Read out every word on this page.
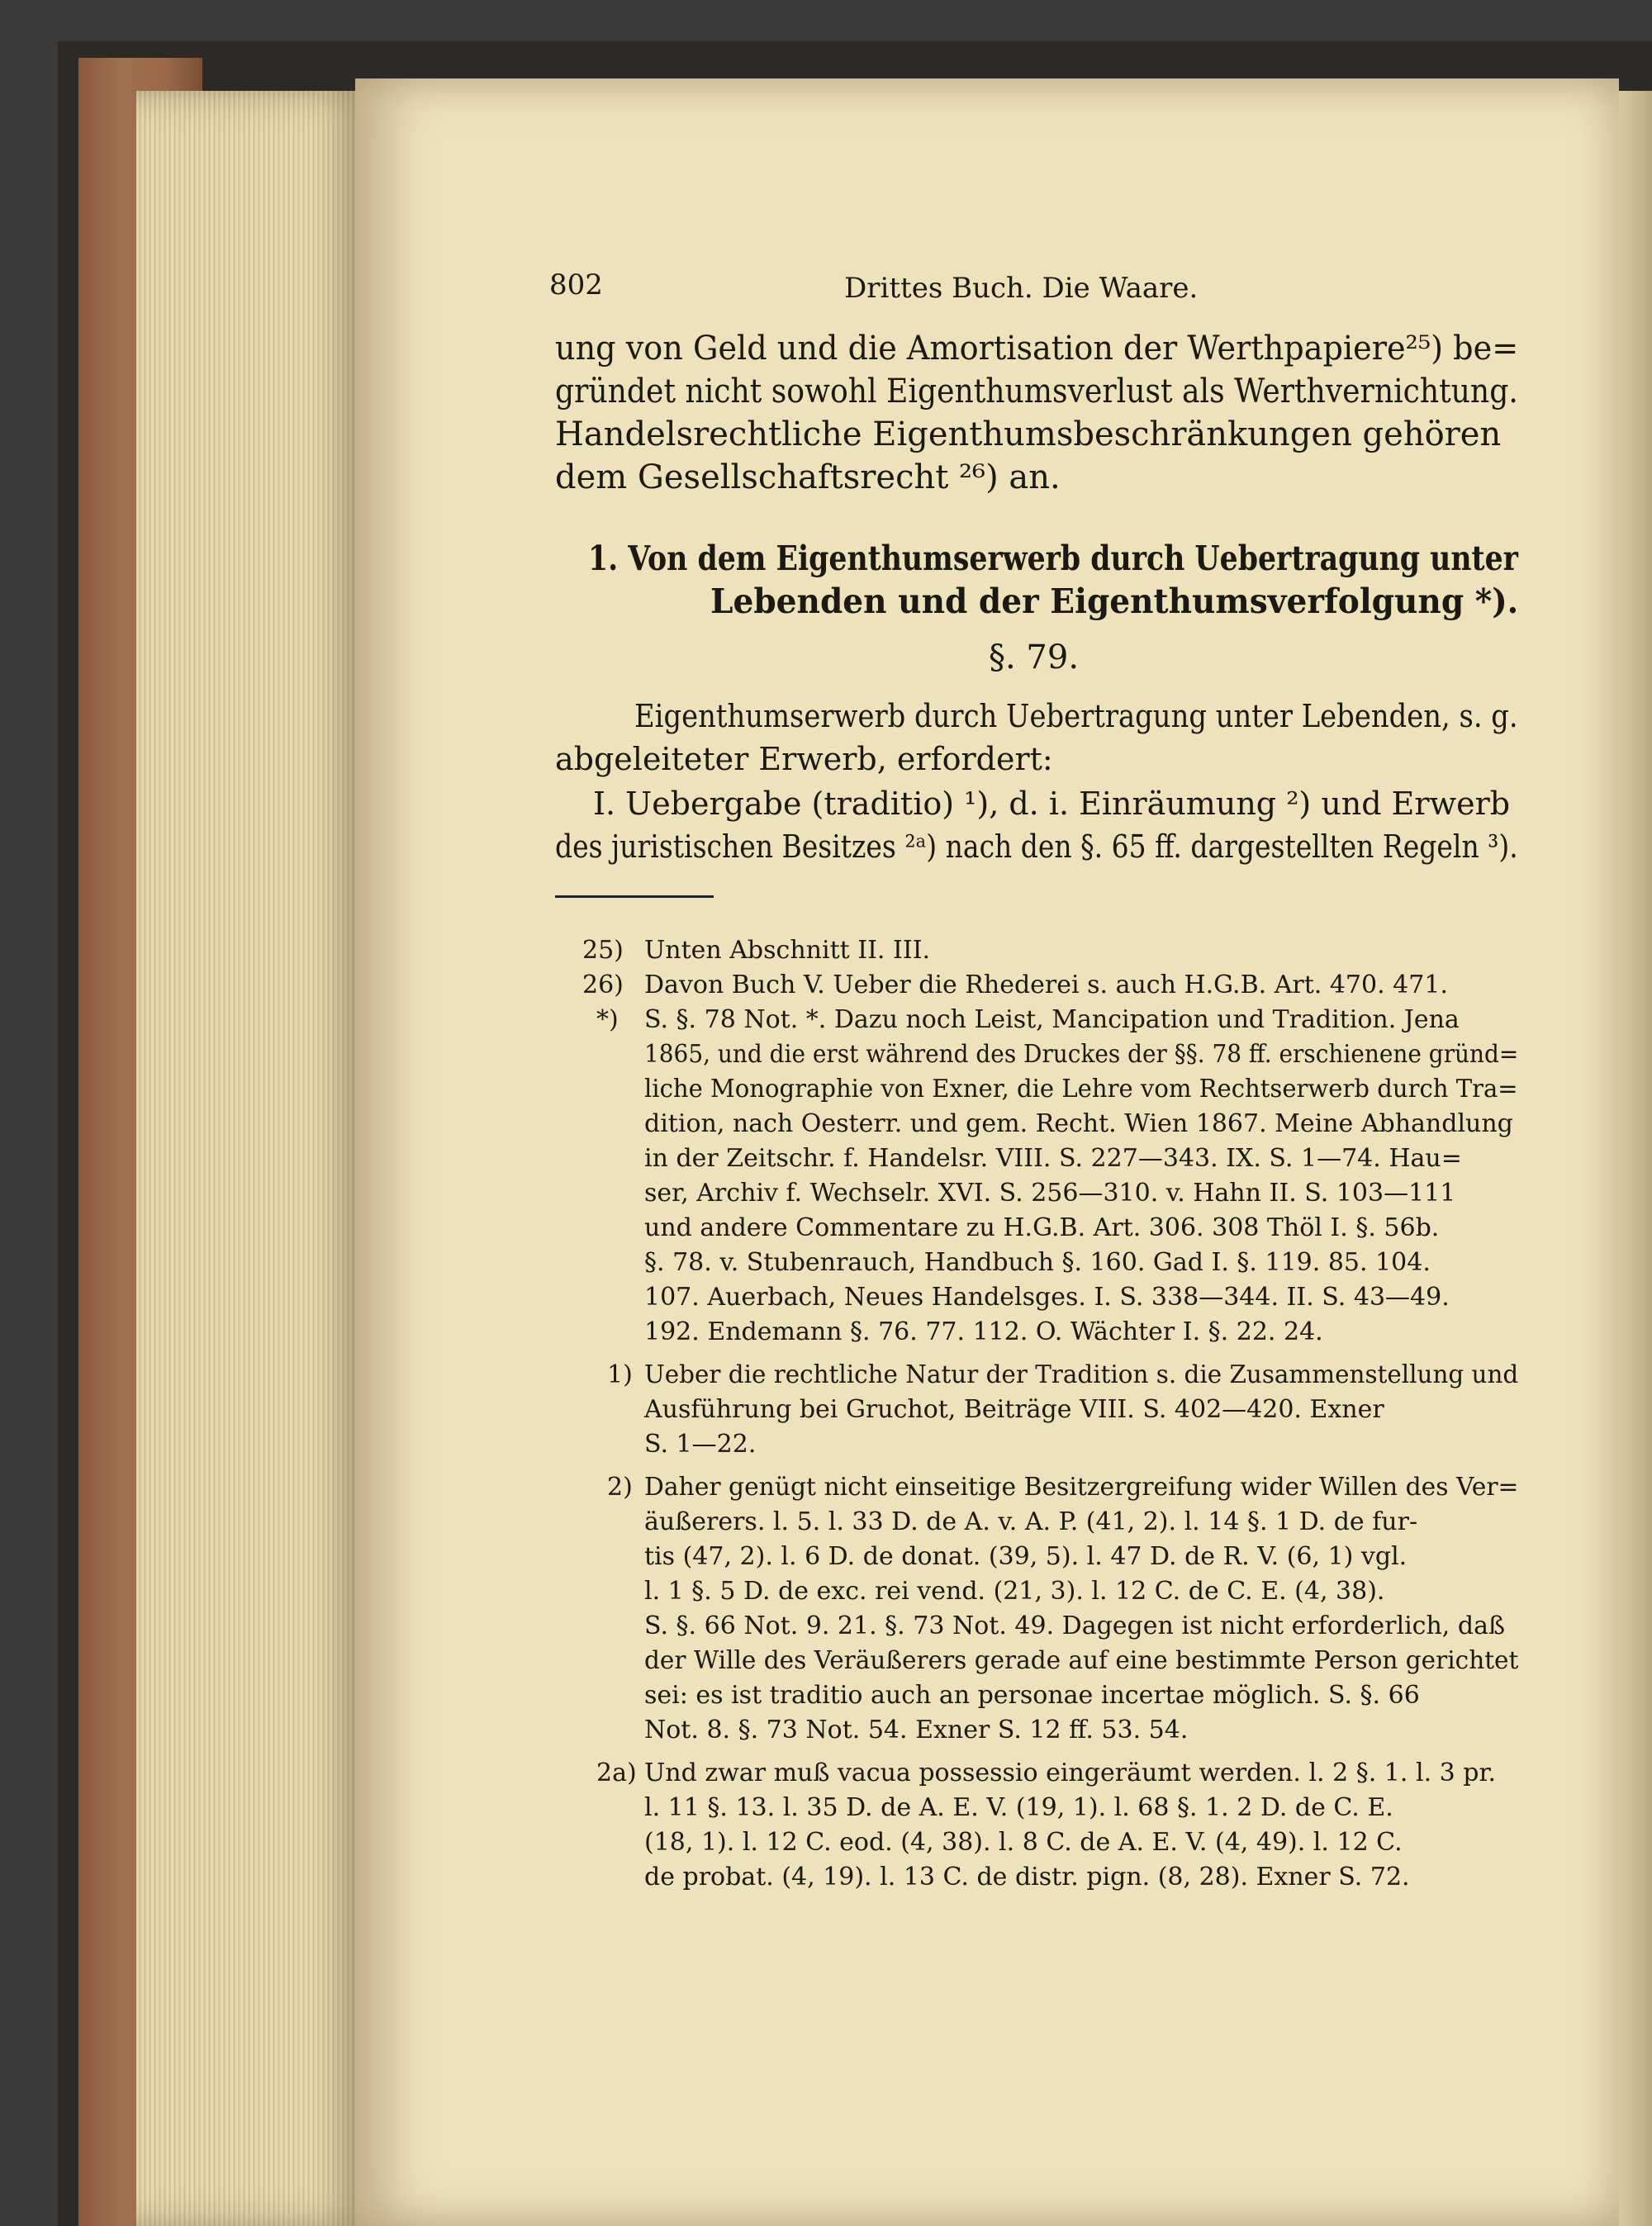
802	Drittes Buch. Die Waare.
ung von Geld und die Amortisation der Werthpapiere²⁵) be=
gründet nicht sowohl Eigenthumsverlust als Werthvernichtung.
Handelsrechtliche Eigenthumsbeschränkungen gehören
dem Gesellschaftsrecht ²⁶) an.
1. Von dem Eigenthumserwerb durch Uebertragung unter
Lebenden und der Eigenthumsverfolgung *).
§. 79.
Eigenthumserwerb durch Uebertragung unter Lebenden, s. g.
abgeleiteter Erwerb, erfordert:
I. Uebergabe (traditio) ¹), d. i. Einräumung ²) und Erwerb
des juristischen Besitzes ²ᵃ) nach den §. 65 ff. dargestellten Regeln ³).
25) Unten Abschnitt II. III.
26) Davon Buch V. Ueber die Rhederei s. auch H.G.B. Art. 470. 471.
*) S. §. 78 Not. *. Dazu noch Leist, Mancipation und Tradition. Jena
1865, und die erst während des Druckes der §§. 78 ff. erschienene gründ=
liche Monographie von Exner, die Lehre vom Rechtserwerb durch Tra=
dition, nach Oesterr. und gem. Recht. Wien 1867. Meine Abhandlung
in der Zeitschr. f. Handelsr. VIII. S. 227—343. IX. S. 1—74. Hau=
ser, Archiv f. Wechselr. XVI. S. 256—310. v. Hahn II. S. 103—111
und andere Commentare zu H.G.B. Art. 306. 308 Thöl I. §. 56b.
§. 78. v. Stubenrauch, Handbuch §. 160. Gad I. §. 119. 85. 104.
107. Auerbach, Neues Handelsges. I. S. 338—344. II. S. 43—49.
192. Endemann §. 76. 77. 112. O. Wächter I. §. 22. 24.
1) Ueber die rechtliche Natur der Tradition s. die Zusammenstellung und
Ausführung bei Gruchot, Beiträge VIII. S. 402—420. Exner
S. 1—22.
2) Daher genügt nicht einseitige Besitzergreifung wider Willen des Ver=
äußerers. l. 5. l. 33 D. de A. v. A. P. (41, 2). l. 14 §. 1 D. de fur-
tis (47, 2). l. 6 D. de donat. (39, 5). l. 47 D. de R. V. (6, 1) vgl.
l. 1 §. 5 D. de exc. rei vend. (21, 3). l. 12 C. de C. E. (4, 38).
S. §. 66 Not. 9. 21. §. 73 Not. 49. Dagegen ist nicht erforderlich, daß
der Wille des Veräußerers gerade auf eine bestimmte Person gerichtet
sei: es ist traditio auch an personae incertae möglich. S. §. 66
Not. 8. §. 73 Not. 54. Exner S. 12 ff. 53. 54.
2a) Und zwar muß vacua possessio eingeräumt werden. l. 2 §. 1. l. 3 pr.
l. 11 §. 13. l. 35 D. de A. E. V. (19, 1). l. 68 §. 1. 2 D. de C. E.
(18, 1). l. 12 C. eod. (4, 38). l. 8 C. de A. E. V. (4, 49). l. 12 C.
de probat. (4, 19). l. 13 C. de distr. pign. (8, 28). Exner S. 72.
